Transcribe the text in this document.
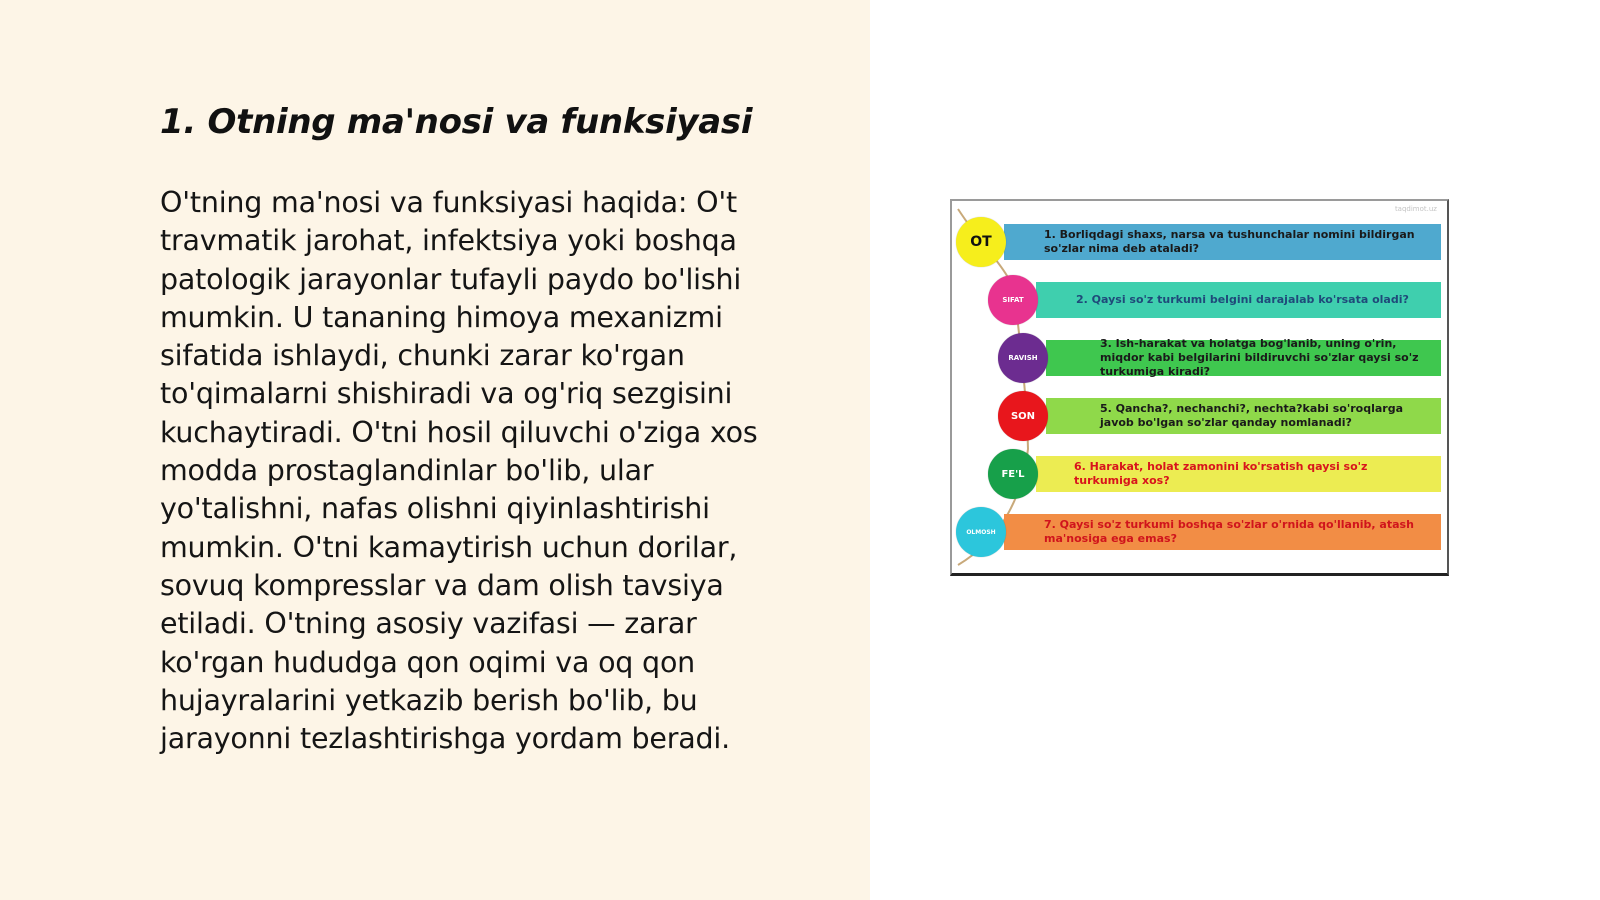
1. Otning ma'nosi va funksiyasi

O'tning ma'nosi va funksiyasi haqida: O't travmatik jarohat, infektsiya yoki boshqa patologik jarayonlar tufayli paydo bo'lishi mumkin. U tananing himoya mexanizmi sifatida ishlaydi, chunki zarar ko'rgan to'qimalarni shishiradi va og'riq sezgisini kuchaytiradi. O'tni hosil qiluvchi o'ziga xos modda prostaglandinlar bo'lib, ular yo'talishni, nafas olishni qiyinlashtirishi mumkin. O'tni kamaytirish uchun dorilar, sovuq kompresslar va dam olish tavsiya etiladi. O'tning asosiy vazifasi — zarar ko'rgan hududga qon oqimi va oq qon hujayralarini yetkazib berish bo'lib, bu jarayonni tezlashtirishga yordam beradi.

taqdimot.uz
1. Borliqdagi shaxs, narsa va tushunchalar nomini bildirgan so'zlar nima deb ataladi?
OT
2. Qaysi so'z turkumi belgini darajalab ko'rsata oladi?
SIFAT
3. Ish-harakat va holatga bog'lanib, uning o'rin, miqdor kabi belgilarini bildiruvchi so'zlar qaysi so'z turkumiga kiradi?
RAVISH
5. Qancha?, nechanchi?, nechta?kabi so'roqlarga javob bo'lgan so'zlar qanday nomlanadi?
SON
6. Harakat, holat zamonini ko'rsatish qaysi so'z turkumiga xos?
FE'L
7. Qaysi so'z turkumi boshqa so'zlar o'rnida qo'llanib, atash ma'nosiga ega emas?
OLMOSH
